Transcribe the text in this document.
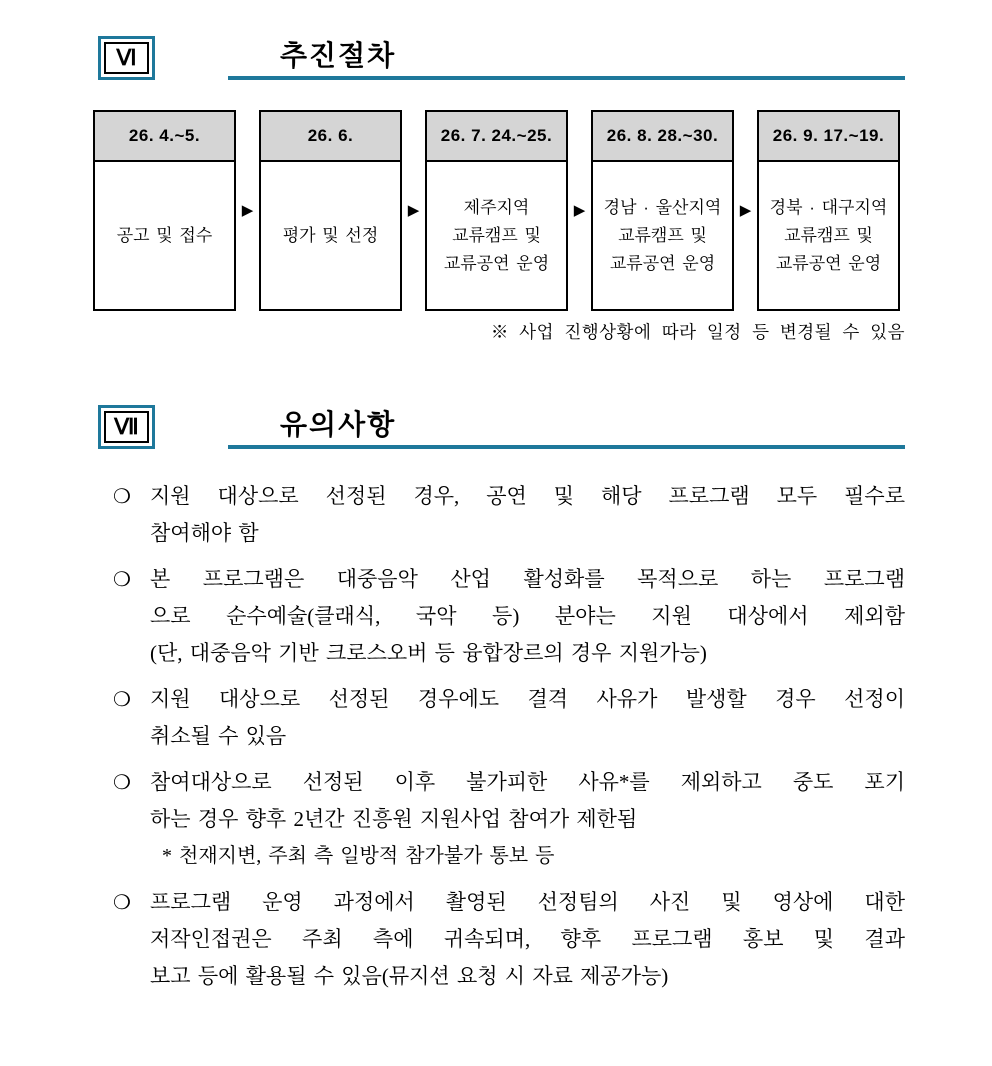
Ⅵ	추진절차
26. 4.~5.
공고 및 접수
▶
26. 6.
평가 및 선정
▶
26. 7. 24.~25.
제주지역
교류캠프 및
교류공연 운영
▶
26. 8. 28.~30.
경남 · 울산지역
교류캠프 및
교류공연 운영
▶
26. 9. 17.~19.
경북 · 대구지역
교류캠프 및
교류공연 운영
※ 사업 진행상황에 따라 일정 등 변경될 수 있음
Ⅶ	유의사항
❍ 지원 대상으로 선정된 경우, 공연 및 해당 프로그램 모두 필수로
참여해야 함
❍ 본 프로그램은 대중음악 산업 활성화를 목적으로 하는 프로그램
으로 순수예술(클래식, 국악 등) 분야는 지원 대상에서 제외함
(단, 대중음악 기반 크로스오버 등 융합장르의 경우 지원가능)
❍ 지원 대상으로 선정된 경우에도 결격 사유가 발생할 경우 선정이
취소될 수 있음
❍ 참여대상으로 선정된 이후 불가피한 사유*를 제외하고 중도 포기
하는 경우 향후 2년간 진흥원 지원사업 참여가 제한됨
* 천재지변, 주최 측 일방적 참가불가 통보 등
❍ 프로그램 운영 과정에서 촬영된 선정팀의 사진 및 영상에 대한
저작인접권은 주최 측에 귀속되며, 향후 프로그램 홍보 및 결과
보고 등에 활용될 수 있음(뮤지션 요청 시 자료 제공가능)
